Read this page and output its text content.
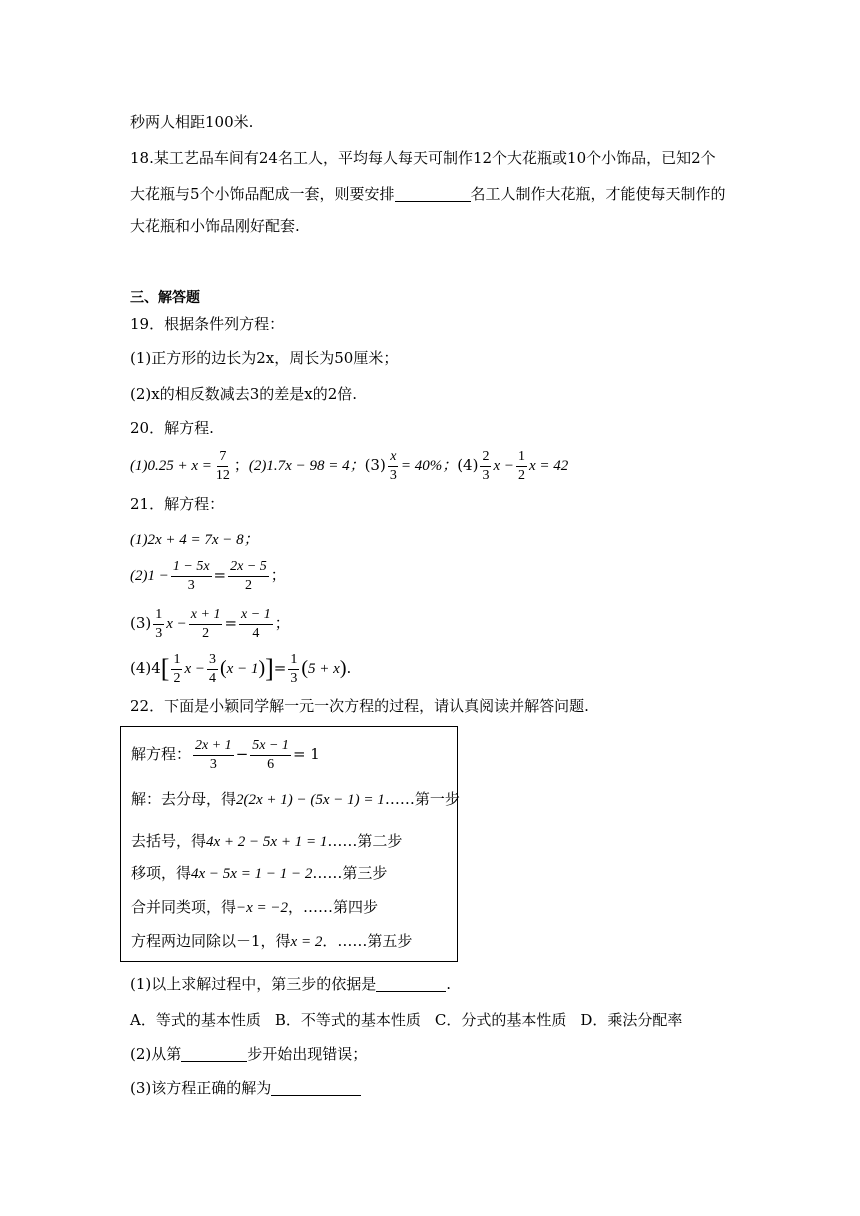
秒两人相距100米.
18.某工艺品车间有24名工人，平均每人每天可制作12个大花瓶或10个小饰品，已知2个
大花瓶与5个小饰品配成一套，则要安排	名工人制作大花瓶，才能使每天制作的
大花瓶和小饰品刚好配套.
三、解答题
19．根据条件列方程：
(1)正方形的边长为2x，周长为50厘米；
(2)x的相反数减去3的差是x的2倍.
20．解方程.
$(1)0.25 + x = \frac{7}{12}$ ；(2)1.7x − 98 = 4；$(3) \frac{x}{3} = 40\%$；$(4) \frac{2}{3}$ $x - \frac{1}{2}$ x = 42
21．解方程：
(1)2x + 4 = 7x − 8；
$(2)1 - \frac{1 - 5x}{3} = \frac{2x - 5}{2}$ ；
$(3) \frac{1}{3}$ $x - \frac{x + 1}{2} = \frac{x - 1}{4}$ ；
$(4)4[ \frac{1}{2}$ $x - \frac{3}{4} (x - 1)]= \frac{1}{3} (5 + x)$.
22．下面是小颖同学解一元一次方程的过程，请认真阅读并解答问题.
解方程： $\frac{2x + 1}{3} - \frac{5x - 1}{6} = 1$
解：去分母，得2(2x + 1) − (5x − 1) = 1……第一步
去括号，得4x + 2 − 5x + 1 = 1……第二步
移项，得4x − 5x = 1 − 1 − 2……第三步
合并同类项，得−x = −2，……第四步
方程两边同除以－1，得x = 2．……第五步
(1)以上求解过程中，第三步的依据是	.
A．等式的基本性质 B．不等式的基本性质 C．分式的基本性质 D．乘法分配率
(2)从第	步开始出现错误；
(3)该方程正确的解为
